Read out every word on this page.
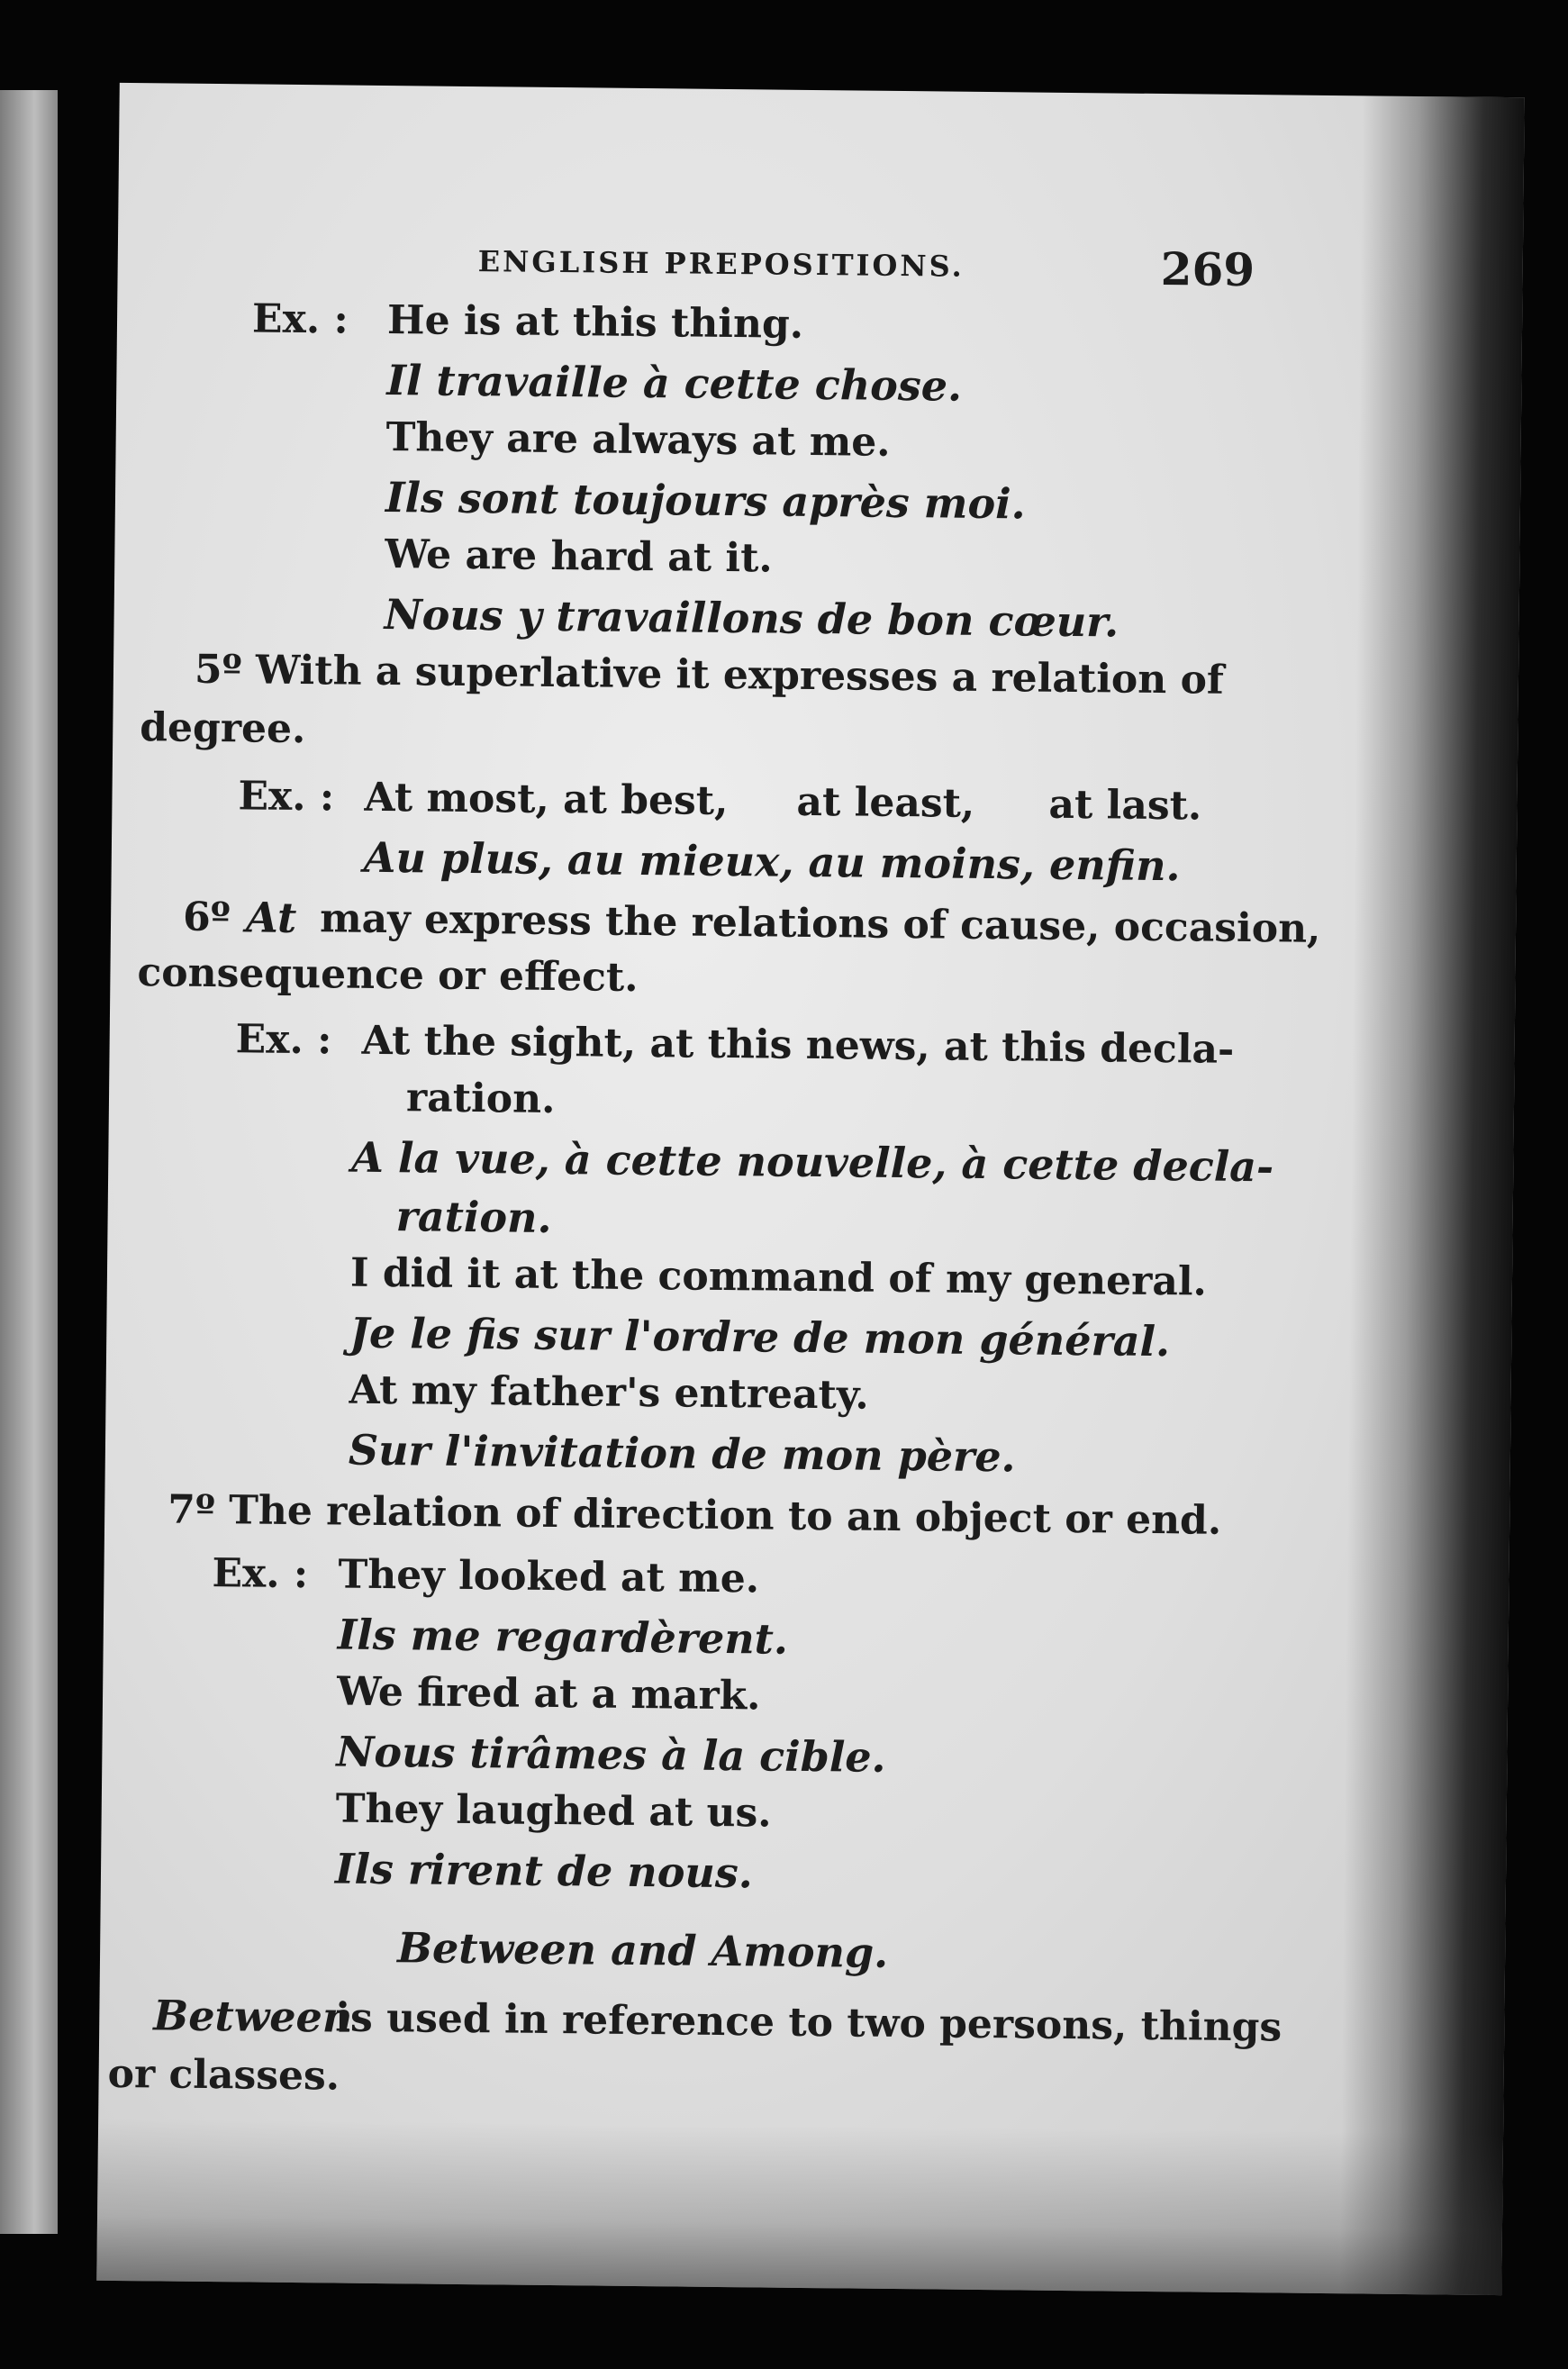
ENGLISH PREPOSITIONS.	269
Ex. : He is at this thing.
Il travaille à cette chose.
They are always at me.
Ils sont toujours après moi.
We are hard at it.
Nous y travaillons de bon cœur.
5º With a superlative it expresses a relation of
degree.
Ex. : At most, at best, at least, at last.
Au plus, au mieux, au moins, enfin.
6º At may express the relations of cause, occasion,
consequence or effect.
Ex. : At the sight, at this news, at this decla-
ration.
A la vue, à cette nouvelle, à cette decla-
ration.
I did it at the command of my general.
Je le fis sur l'ordre de mon général.
At my father's entreaty.
Sur l'invitation de mon père.
7º The relation of direction to an object or end.
Ex. : They looked at me.
Ils me regardèrent.
We fired at a mark.
Nous tirâmes à la cible.
They laughed at us.
Ils rirent de nous.
Between and Among.
Between
is used in reference to two persons, things
or classes.
